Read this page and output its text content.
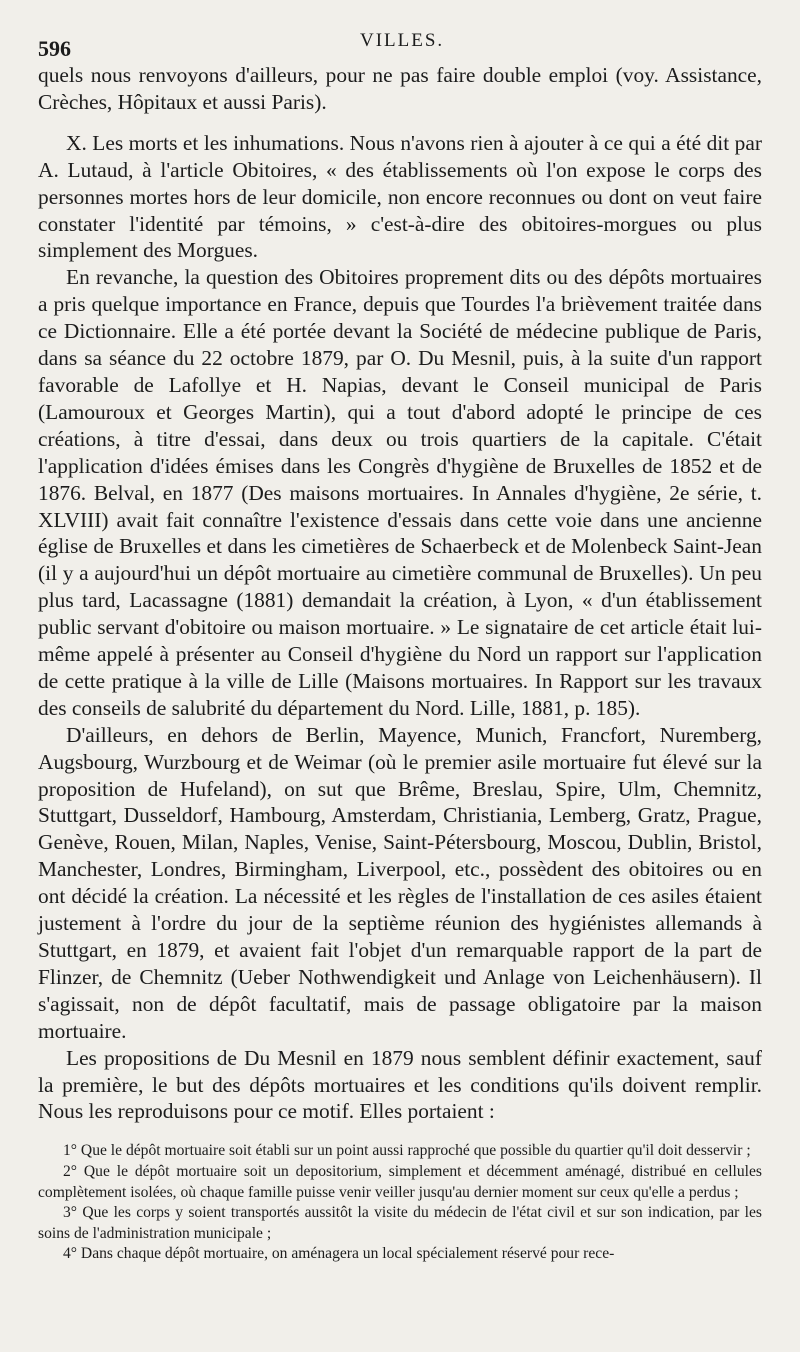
596	VILLES.

quels nous renvoyons d'ailleurs, pour ne pas faire double emploi (voy. Assistance, Crèches, Hôpitaux et aussi Paris).

X. Les morts et les inhumations. Nous n'avons rien à ajouter à ce qui a été dit par A. Lutaud, à l'article Obitoires, « des établissements où l'on expose le corps des personnes mortes hors de leur domicile, non encore reconnues ou dont on veut faire constater l'identité par témoins, » c'est-à-dire des obitoires-morgues ou plus simplement des Morgues.

En revanche, la question des Obitoires proprement dits ou des dépôts mortuaires a pris quelque importance en France, depuis que Tourdes l'a brièvement traitée dans ce Dictionnaire. Elle a été portée devant la Société de médecine publique de Paris, dans sa séance du 22 octobre 1879, par O. Du Mesnil, puis, à la suite d'un rapport favorable de Lafollye et H. Napias, devant le Conseil municipal de Paris (Lamouroux et Georges Martin), qui a tout d'abord adopté le principe de ces créations, à titre d'essai, dans deux ou trois quartiers de la capitale. C'était l'application d'idées émises dans les Congrès d'hygiène de Bruxelles de 1852 et de 1876. Belval, en 1877 (Des maisons mortuaires. In Annales d'hygiène, 2e série, t. XLVIII) avait fait connaître l'existence d'essais dans cette voie dans une ancienne église de Bruxelles et dans les cimetières de Schaerbeck et de Molenbeck Saint-Jean (il y a aujourd'hui un dépôt mortuaire au cimetière communal de Bruxelles). Un peu plus tard, Lacassagne (1881) demandait la création, à Lyon, « d'un établissement public servant d'obitoire ou maison mortuaire. » Le signataire de cet article était lui-même appelé à présenter au Conseil d'hygiène du Nord un rapport sur l'application de cette pratique à la ville de Lille (Maisons mortuaires. In Rapport sur les travaux des conseils de salubrité du département du Nord. Lille, 1881, p. 185).

D'ailleurs, en dehors de Berlin, Mayence, Munich, Francfort, Nuremberg, Augsbourg, Wurzbourg et de Weimar (où le premier asile mortuaire fut élevé sur la proposition de Hufeland), on sut que Brême, Breslau, Spire, Ulm, Chemnitz, Stuttgart, Dusseldorf, Hambourg, Amsterdam, Christiania, Lemberg, Gratz, Prague, Genève, Rouen, Milan, Naples, Venise, Saint-Pétersbourg, Moscou, Dublin, Bristol, Manchester, Londres, Birmingham, Liverpool, etc., possèdent des obitoires ou en ont décidé la création. La nécessité et les règles de l'installation de ces asiles étaient justement à l'ordre du jour de la septième réunion des hygiénistes allemands à Stuttgart, en 1879, et avaient fait l'objet d'un remarquable rapport de la part de Flinzer, de Chemnitz (Ueber Nothwendigkeit und Anlage von Leichenhäusern). Il s'agissait, non de dépôt facultatif, mais de passage obligatoire par la maison mortuaire.

Les propositions de Du Mesnil en 1879 nous semblent définir exactement, sauf la première, le but des dépôts mortuaires et les conditions qu'ils doivent remplir. Nous les reproduisons pour ce motif. Elles portaient :

1° Que le dépôt mortuaire soit établi sur un point aussi rapproché que possible du quartier qu'il doit desservir ;

2° Que le dépôt mortuaire soit un depositorium, simplement et décemment aménagé, distribué en cellules complètement isolées, où chaque famille puisse venir veiller jusqu'au dernier moment sur ceux qu'elle a perdus ;

3° Que les corps y soient transportés aussitôt la visite du médecin de l'état civil et sur son indication, par les soins de l'administration municipale ;

4° Dans chaque dépôt mortuaire, on aménagera un local spécialement réservé pour rece-
